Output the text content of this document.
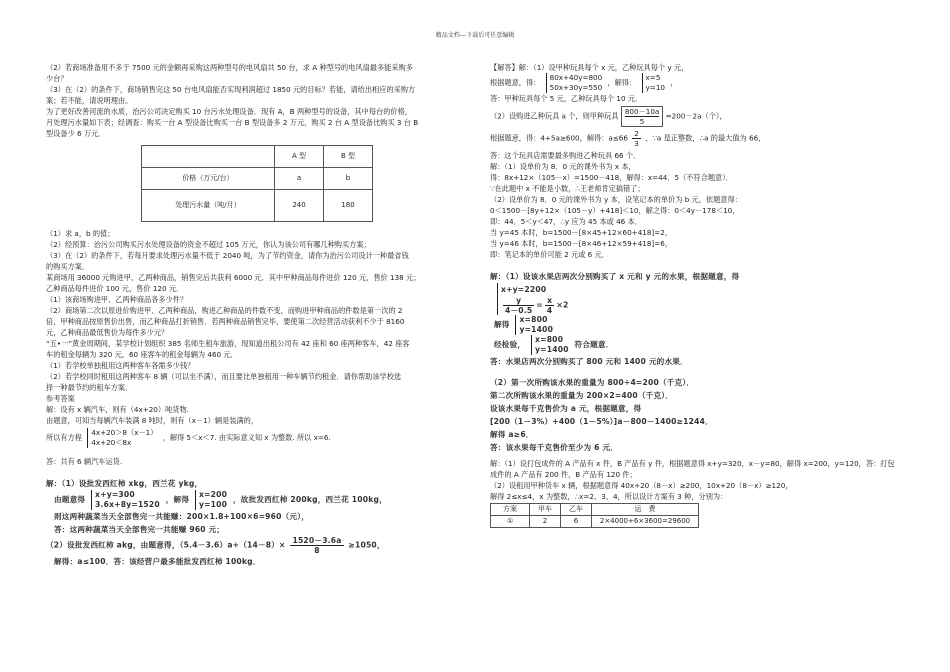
精品文档---下载后可任意编辑

（2）若商场准备用不多于 7500 元的金额再采购这两种型号的电风扇共 50 台，求 A 种型号的电风扇最多能采购多

少台？

（3）在（2）的条件下，商场销售完这 50 台电风扇能否实现利润超过 1850 元的目标？若能，请给出相应的采购方

案；若不能，请说明理由。

为了更好改善河流的水质，治污公司决定购买 10 台污水处理设备．现有 A，B 两种型号的设备，其中每台的价格，

月处理污水量如下表；经调查：购买一台 A 型设备比购买一台 B 型设备多 2 万元，购买 2 台 A 型设备比购买 3 台 B

型设备少 6 万元．

	A 型	B 型
价格（万元/台）	a	b
处理污水量（吨/月）	240	180

（1）求 a，b 的值；

（2）经预算：治污公司购买污水处理设备的资金不超过 105 万元，你认为该公司有哪几种购买方案；

（3）在（2）的条件下，若每月要求处理污水量不低于 2040 吨，为了节约资金，请你为治污公司设计一种最省钱

的购买方案．

某商场用 36000 元购进甲、乙两种商品，销售完后共获利 6000 元．其中甲种商品每件进价 120 元，售价 138 元；

乙种商品每件进价 100 元，售价 120 元．

（1）该商场购进甲、乙两种商品各多少件？

（2）商场第二次以原进价购进甲、乙两种商品，购进乙种商品的件数不变，而购进甲种商品的件数是第一次的 2

倍，甲种商品按原售价出售，而乙种商品打折销售．若两种商品销售完毕，要使第二次经营活动获利不少于 8160

元，乙种商品最低售价为每件多少元？

“五•一”黄金周期间，某学校计划组织 385 名师生租车旅游，现知道出租公司有 42 座和 60 座两种客车，42 座客

车的租金每辆为 320 元，60 座客车的租金每辆为 460 元．

（1）若学校单独租用这两种客车各需多少钱？

（2）若学校同时租用这两种客车 8 辆（可以坐不满），而且要比单独租用一种车辆节约租金．请你帮助该学校选

择一种最节约的租车方案．

参考答案

解：设有 x 辆汽车，则有（4x+20）吨货物.

由题意，可知当每辆汽车装满 8 吨时，则有（x－1）辆是装满的，

所以有方程
4x+20＞8（x－1）
4x+20＜8x
，解得 5＜x＜7. 由实际意义知 x 为整数. 所以 x=6.

答：共有 6 辆汽车运货.

解：（1）设批发西红柿 xkg，西兰花 ykg，

由题意得
x+y=300
3.6x+8y=1520
，解得
x=200
y=100
，故批发西红柿 200kg，西兰花 100kg，

则这两种蔬菜当天全部售完一共能赚：200×1.8+100×6=960（元），

答：这两种蔬菜当天全部售完一共能赚 960 元；

（2）设批发西红柿 akg，由题意得，$(5.4-3.6)a+(14-8)\times \frac{1520-3.6a}{8} \ge 1050$，

解得：a≤100．答：该经营户最多能批发西红柿 100kg．

【解答】解：（1）设甲种玩具每个 x 元，乙种玩具每个 y 元，

根据题意，得：
80x+40y=800
50x+30y=550
，解得：
x=5
y=10
，

答：甲种玩具每个 5 元，乙种玩具每个 10 元．

（2）设购进乙种玩具 a 个，则甲种玩具 $\frac{800-10a}{5} =200-2a$（个），

根据题意，得：4+5a≥600，解得：$a\le 66 \frac{2}{3}$ ，∵a 是正整数，∴a 的最大值为 66，

答：这个玩具店需要最多购进乙种玩具 66 个．

解：（1）设单价为 8．0 元的课外书为 x 本，

得：8x+12×（105－x）=1500－418，解得：x=44．5（不符合题意）．

∵在此题中 x 不能是小数，∴王老师肯定搞错了；

（2）设单价为 8．0 元的课外书为 y 本，设笔记本的单价为 b 元，依题意得：

0＜1500－[8y+12×（105－y）+418]＜10，解之得：0＜4y－178＜10，

即：44．5＜y＜47，∴y 应为 45 本或 46 本．

当 y=45 本时，b=1500－[8×45+12×60+418]=2，

当 y=46 本时，b=1500－[8×46+12×59+418]=6，

即：笔记本的单价可能 2 元或 6 元．

解：（1）设该水果店两次分别购买了 x 元和 y 元的水果，根据题意，得

x+y=2200
$\frac{y}{4-0.5} = \frac{x}{4} \times 2$

解得
x=800
y=1400

经检验，
x=800
y=1400
符合题意．

答：水果店两次分别购买了 800 元和 1400 元的水果．

（2）第一次所购该水果的重量为 800÷4=200（千克）．

第二次所购该水果的重量为 200×2=400（千克）．

设该水果每千克售价为 a 元，根据题意，得

[200（1－3%）+400（1－5%）]a－800－1400≥1244．

解得 a≥6．

答：该水果每千克售价至少为 6 元．

解：（1）设打包成件的 A 产品有 x 件，B 产品有 y 件，根据题意得 x+y=320，x－y=80，解得 x=200，y=120，答：打包

成件的 A 产品有 200 件，B 产品有 120 件；

（2）设租用甲种货车 x 辆，根据题意得 40x+20（8－x）≥200，10x+20（8－x）≥120，

解得 2≤x≤4，x 为整数，∴x=2、3、4，所以设计方案有 3 种，分别为：

方案	甲车	乙车	运　费
①	2	6	2×4000+6×3600=29600
